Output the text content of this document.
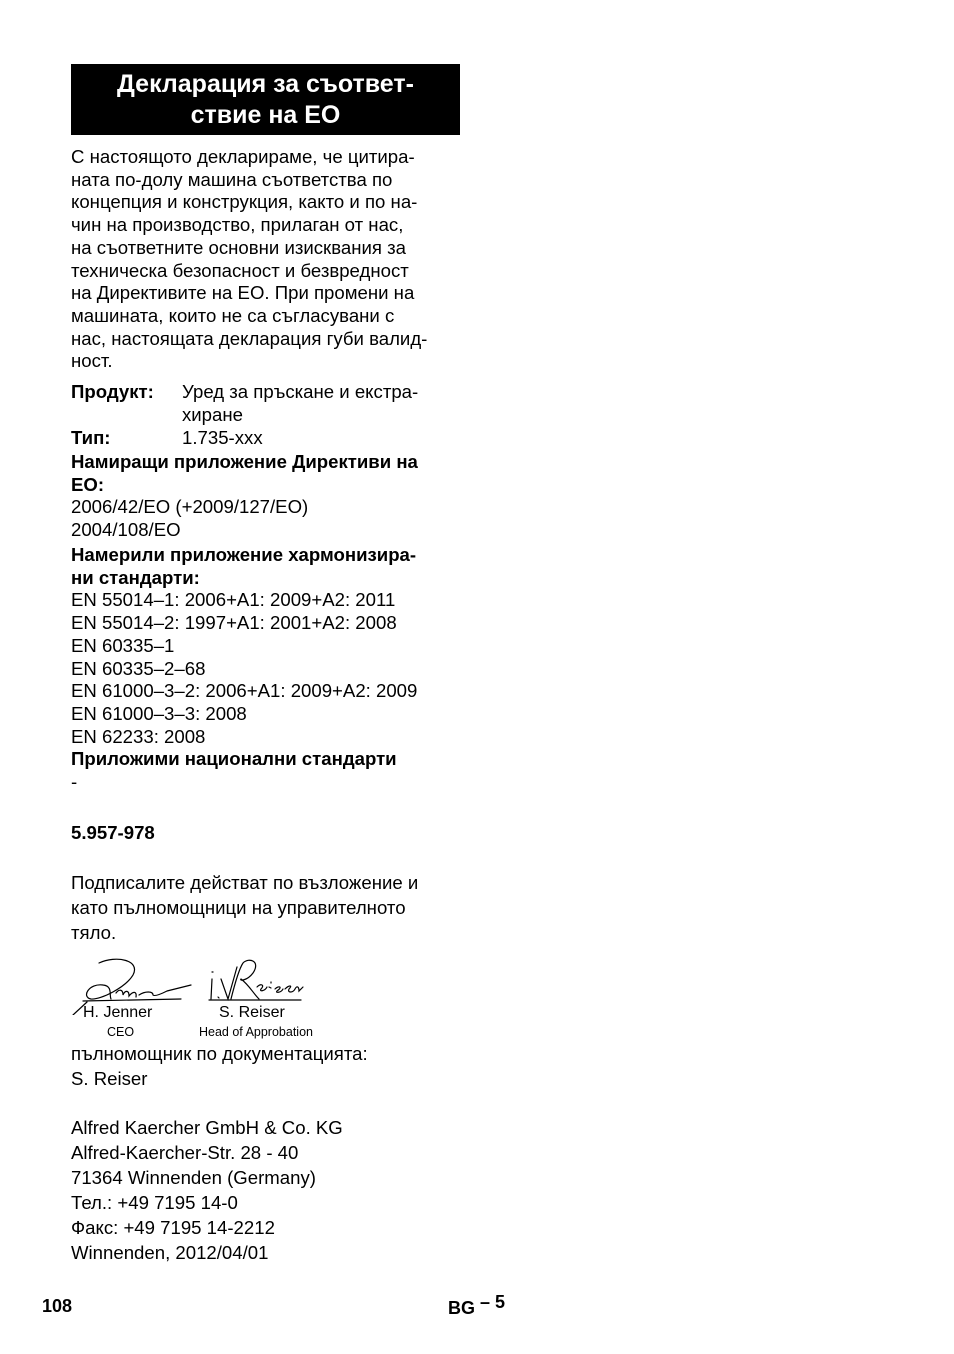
Декларация за съответ-
ствие на ЕО
С настоящото декларираме, че цитира-
ната по-долу машина съответства по
концепция и конструкция, както и по на-
чин на производство, прилаган от нас,
на съответните основни изисквания за
техническа безопасност и безвредност
на Директивите на ЕО. При промени на
машината, които не са съгласувани с
нас, настоящата декларация губи валид-
ност.
Продукт:	Уред за пръскане и екстра-
хиране
Тип:	1.735-xxx
Намиращи приложение Директиви на
ЕО:
2006/42/ЕО (+2009/127/ЕО)
2004/108/ЕО
Намерили приложение хармонизира-
ни стандарти:
EN 55014–1: 2006+A1: 2009+A2: 2011
EN 55014–2: 1997+A1: 2001+A2: 2008
EN 60335–1
EN 60335–2–68
EN 61000–3–2: 2006+A1: 2009+A2: 2009
EN 61000–3–3: 2008
EN 62233: 2008
Приложими национални стандарти
-
5.957-978
Подписалите действат по възложение и
като пълномощници на управителното
тяло.
H. Jenner
CEO
S. Reiser
Head of Approbation
пълномощник по документацията:
S. Reiser
Alfred Kaercher GmbH & Co. KG
Alfred-Kaercher-Str. 28 - 40
71364 Winnenden (Germany)
Тел.: +49 7195 14-0
Факс: +49 7195 14-2212
Winnenden, 2012/04/01
108	BG – 5
